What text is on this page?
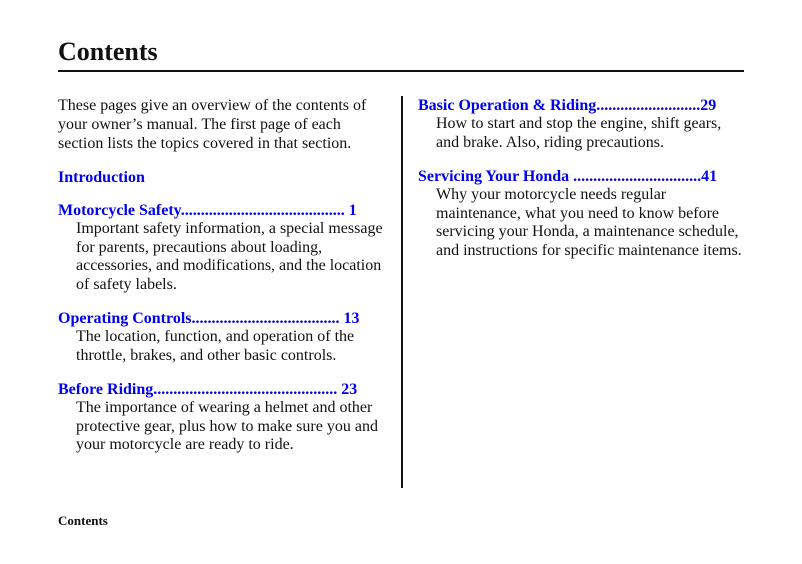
Contents

These pages give an overview of the contents of your owner’s manual. The first page of each section lists the topics covered in that section.

Introduction
Motorcycle Safety......................................... 1

Important safety information, a special message for parents, precautions about loading, accessories, and modifications, and the location of safety labels.

Operating Controls..................................... 13

The location, function, and operation of the throttle, brakes, and other basic controls.

Before Riding.............................................. 23

The importance of wearing a helmet and other protective gear, plus how to make sure you and your motorcycle are ready to ride.

Basic Operation & Riding..........................29

How to start and stop the engine, shift gears, and brake. Also, riding precautions.

Servicing Your Honda ................................41

Why your motorcycle needs regular maintenance, what you need to know before servicing your Honda, a maintenance schedule, and instructions for specific maintenance items.

Contents
